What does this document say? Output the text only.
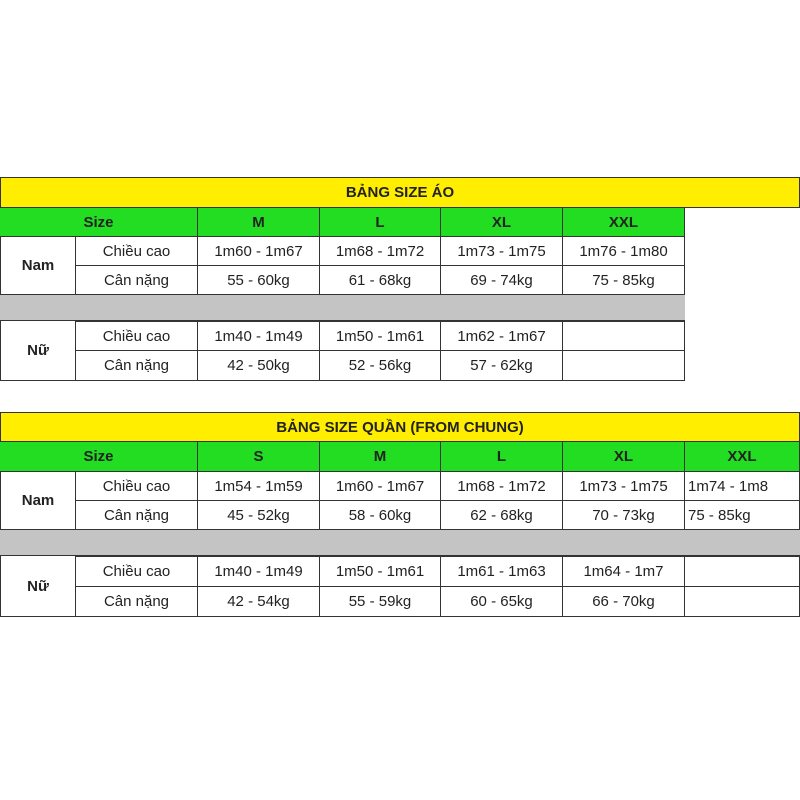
BẢNG SIZE ÁO
Size	M	L	XL	XXL
Nam
Chiều cao	1m60 - 1m67	1m68 - 1m72	1m73 - 1m75	1m76 - 1m80
Cân nặng	55 - 60kg	61 - 68kg	69 - 74kg	75 - 85kg
Nữ
Chiều cao	1m40 - 1m49	1m50 - 1m61	1m62 - 1m67
Cân nặng	42 - 50kg	52 - 56kg	57 - 62kg
BẢNG SIZE QUẦN (FROM CHUNG)
Size	S	M	L	XL	XXL
Nam
Chiều cao	1m54 - 1m59	1m60 - 1m67	1m68 - 1m72	1m73 - 1m75	1m74 - 1m8
Cân nặng	45 - 52kg	58 - 60kg	62 - 68kg	70 - 73kg	75 - 85kg
Nữ
Chiều cao	1m40 - 1m49	1m50 - 1m61	1m61 - 1m63	1m64 - 1m7
Cân nặng	42 - 54kg	55 - 59kg	60 - 65kg	66 - 70kg
